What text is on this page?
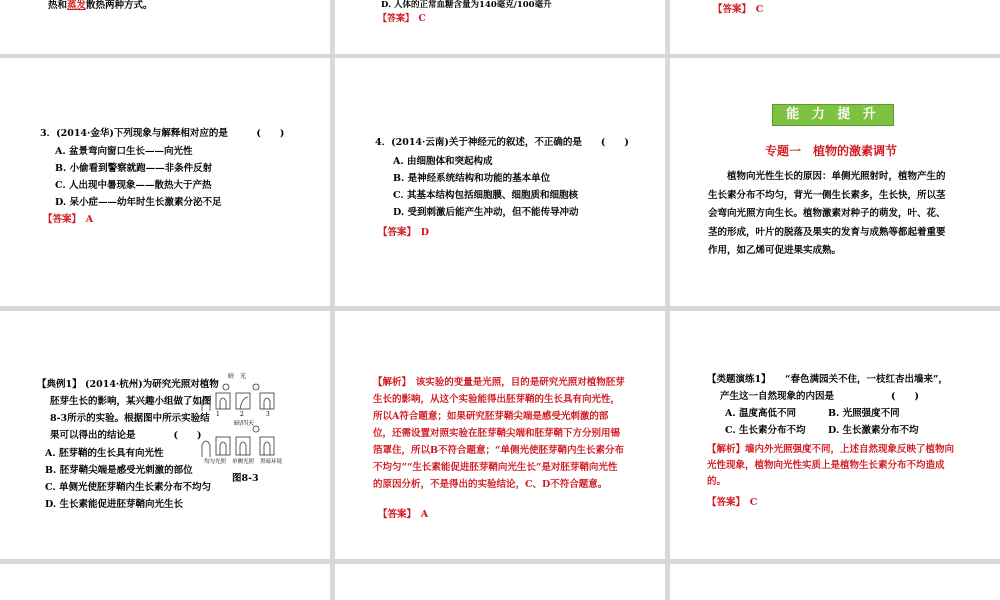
热和蒸发散热两种方式。	D. 人体的正常血糖含量为140毫克/100毫升
【答案】　 C
【答案】　 C
3．(2014·金华)下列现象与解释相对应的是　　　(　　)
A. 盆景弯向窗口生长——向光性
B. 小偷看到警察就跑——非条件反射
C. 人出现中暑现象——散热大于产热
D. 呆小症——幼年时生长激素分泌不足
【答案】　 A
4．(2014·云南)关于神经元的叙述，不正确的是　　(　　)
A. 由细胞体和突起构成
B. 是神经系统结构和功能的基本单位
C. 其基本结构包括细胞膜、细胞质和细胞核
D. 受到刺激后能产生冲动，但不能传导冲动
【答案】　 D
能 力 提 升
专题一　植物的激素调节
植物向光性生长的原因：单侧光照射时，植物产生的生长素分布不均匀，背光一侧生长素多，生长快，所以茎会弯向光照方向生长。植物激素对种子的萌发，叶、花、茎的形成，叶片的脱落及果实的发育与成熟等都起着重要作用，如乙烯可促进果实成熟。
【典例1】 (2014·杭州)为研究光照对植物
胚芽生长的影响，某兴趣小组做了如图
8-3所示的实验。根据图中所示实验结
果可以得出的结论是　　　　(　　)
A. 胚芽鞘的生长具有向光性
B. 胚芽鞘尖端是感受光刺激的部位
C. 单侧光使胚芽鞘内生长素分布不均匀
D. 生长素能促进胚芽鞘向光生长
暗　光
暗/四天
1	2	3
均匀光照 单侧光照 黑暗环境
图8-3
【解析】　 该实验的变量是光照，目的是研究光照对植物胚芽生长的影响，从这个实验能得出胚芽鞘的生长具有向光性，所以A符合题意；如果研究胚芽鞘尖端是感受光刺激的部位，还需设置对照实验在胚芽鞘尖端和胚芽鞘下方分别用锡箔罩住，所以B不符合题意；“单侧光使胚芽鞘内生长素分布不均匀”“生长素能促进胚芽鞘向光生长”是对胚芽鞘向光性的原因分析，不是得出的实验结论，C、D不符合题意。
【答案】　 A
【类题演练1】 “春色满园关不住，一枝红杏出墙来”，
产生这一自然现象的内因是　　　　　　(　　)
A. 温度高低不同	B. 光照强度不同
C. 生长素分布不均 D. 生长激素分布不均
【解析】墙内外光照强度不同，上述自然现象反映了植物向光性现象，植物向光性实质上是植物生长素分布不均造成的。
【答案】　 C
